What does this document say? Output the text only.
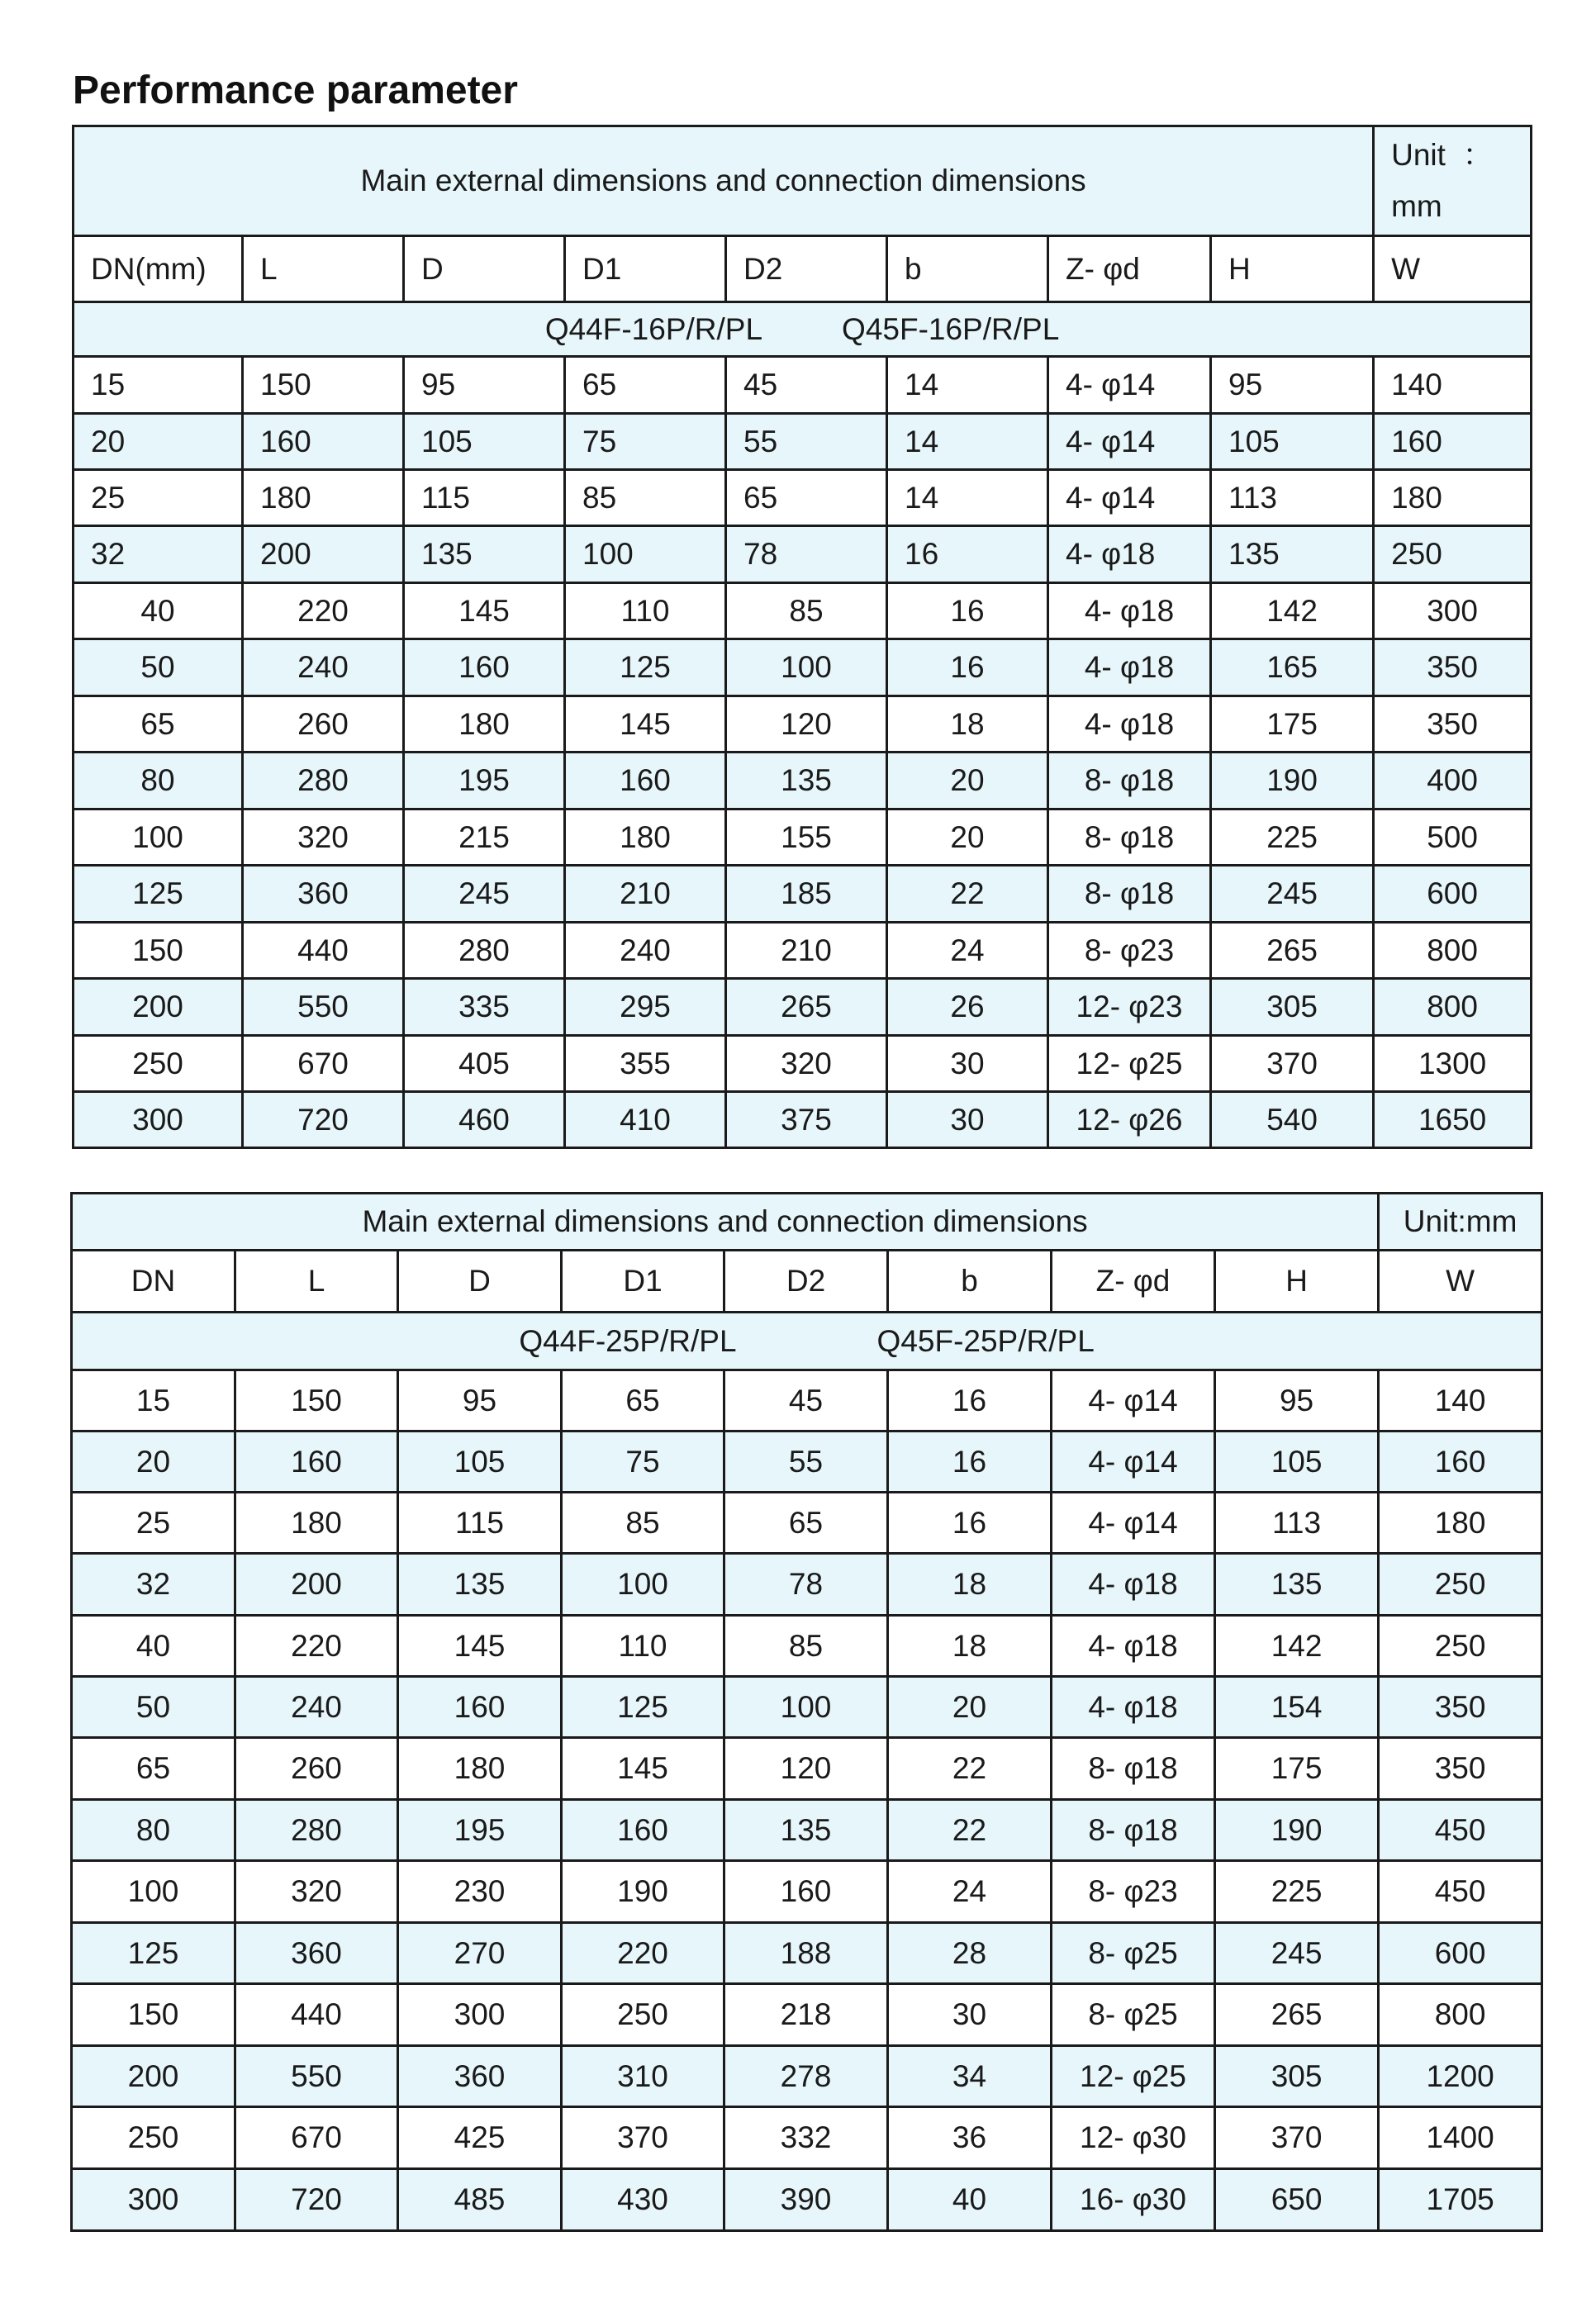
Performance parameter
Main external dimensions and connection dimensions								Unit  ：
mm

DN(mm)	L	D	D1	D2	b	Z- φd	H	W
Q44F-16P/R/PL Q45F-16P/R/PL								
15	150	95	65	45	14	4- φ14	95	140
20	160	105	75	55	14	4- φ14	105	160
25	180	115	85	65	14	4- φ14	113	180
32	200	135	100	78	16	4- φ18	135	250
40	220	145	110	85	16	4- φ18	142	300
50	240	160	125	100	16	4- φ18	165	350
65	260	180	145	120	18	4- φ18	175	350
80	280	195	160	135	20	8- φ18	190	400
100	320	215	180	155	20	8- φ18	225	500
125	360	245	210	185	22	8- φ18	245	600
150	440	280	240	210	24	8- φ23	265	800
200	550	335	295	265	26	12- φ23	305	800
250	670	405	355	320	30	12- φ25	370	1300
300	720	460	410	375	30	12- φ26	540	1650
Main external dimensions and connection dimensions								Unit:mm
DN	L	D	D1	D2	b	Z- φd	H	W
Q44F-25P/R/PL Q45F-25P/R/PL								
15	150	95	65	45	16	4- φ14	95	140
20	160	105	75	55	16	4- φ14	105	160
25	180	115	85	65	16	4- φ14	113	180
32	200	135	100	78	18	4- φ18	135	250
40	220	145	110	85	18	4- φ18	142	250
50	240	160	125	100	20	4- φ18	154	350
65	260	180	145	120	22	8- φ18	175	350
80	280	195	160	135	22	8- φ18	190	450
100	320	230	190	160	24	8- φ23	225	450
125	360	270	220	188	28	8- φ25	245	600
150	440	300	250	218	30	8- φ25	265	800
200	550	360	310	278	34	12- φ25	305	1200
250	670	425	370	332	36	12- φ30	370	1400
300	720	485	430	390	40	16- φ30	650	1705
